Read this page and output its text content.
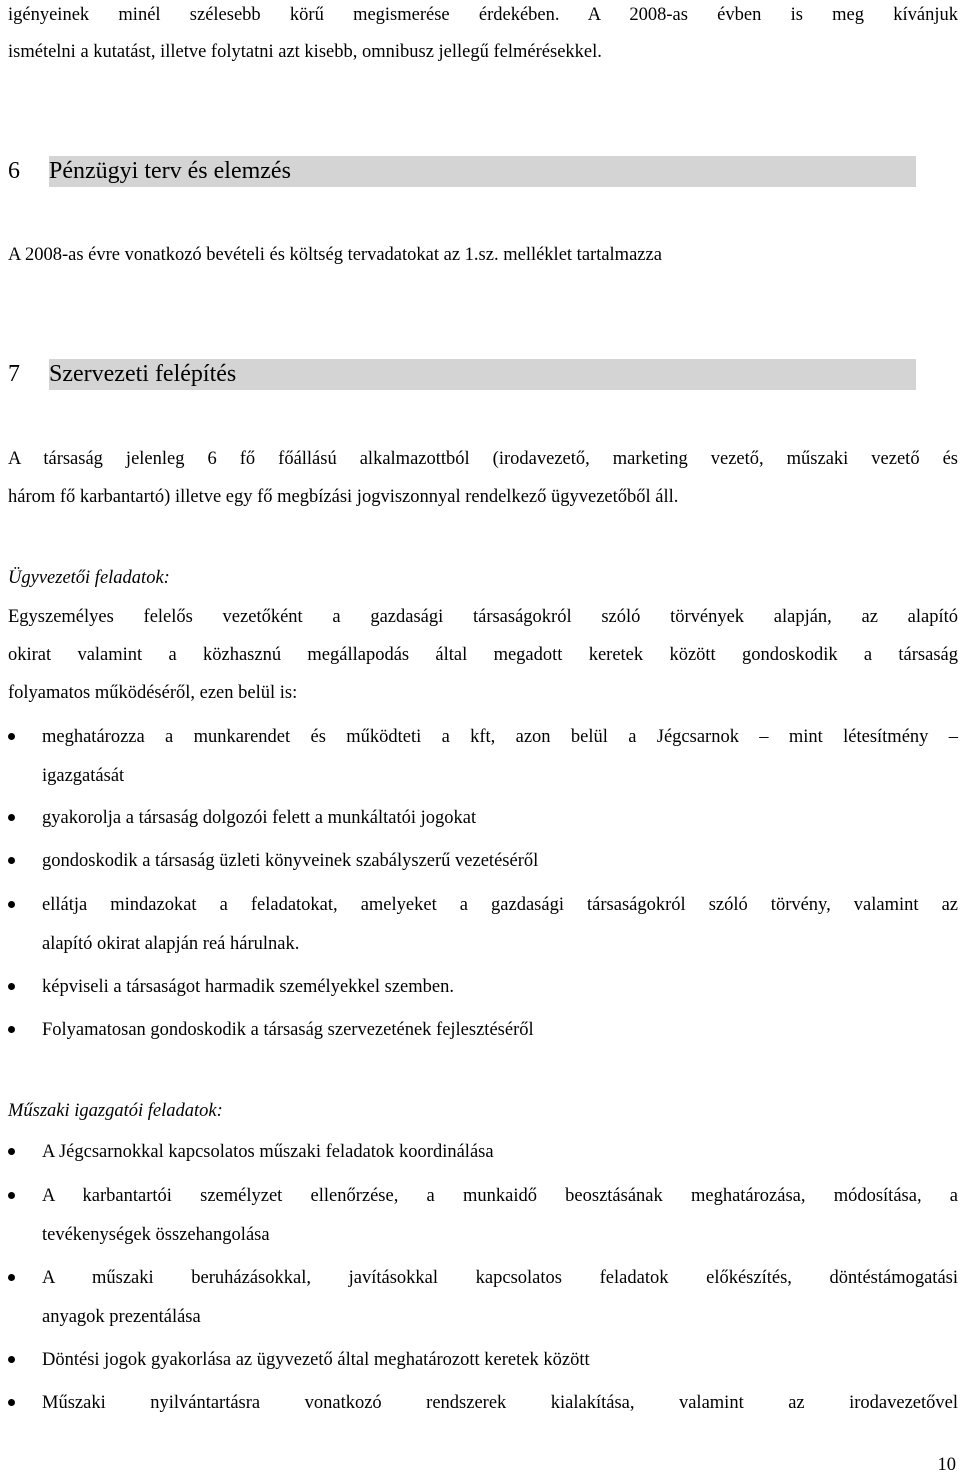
igényeinek minél szélesebb körű megismerése érdekében. A 2008-as évben is meg kívánjuk
ismételni a kutatást, illetve folytatni azt kisebb, omnibusz jellegű felmérésekkel.
6	Pénzügyi terv és elemzés
A 2008-as évre vonatkozó bevételi és költség tervadatokat az 1.sz. melléklet tartalmazza
7	Szervezeti felépítés
A társaság jelenleg 6 fő főállású alkalmazottból (irodavezető, marketing vezető, műszaki vezető és
három fő karbantartó) illetve egy fő megbízási jogviszonnyal rendelkező ügyvezetőből áll.
Ügyvezetői feladatok:
Egyszemélyes felelős vezetőként a gazdasági társaságokról szóló törvények alapján, az alapító
okirat valamint a közhasznú megállapodás által megadott keretek között gondoskodik a társaság
folyamatos működéséről, ezen belül is:
meghatározza a munkarendet és működteti a kft, azon belül a Jégcsarnok – mint létesítmény –
igazgatását
gyakorolja a társaság dolgozói felett a munkáltatói jogokat
gondoskodik a társaság üzleti könyveinek szabályszerű vezetéséről
ellátja mindazokat a feladatokat, amelyeket a gazdasági társaságokról szóló törvény, valamint az
alapító okirat alapján reá hárulnak.
képviseli a társaságot harmadik személyekkel szemben.
Folyamatosan gondoskodik a társaság szervezetének fejlesztéséről
Műszaki igazgatói feladatok:
A Jégcsarnokkal kapcsolatos műszaki feladatok koordinálása
A karbantartói személyzet ellenőrzése, a munkaidő beosztásának meghatározása, módosítása, a
tevékenységek összehangolása
A műszaki beruházásokkal, javításokkal kapcsolatos feladatok előkészítés, döntéstámogatási
anyagok prezentálása
Döntési jogok gyakorlása az ügyvezető által meghatározott keretek között
Műszaki nyilvántartásra vonatkozó rendszerek kialakítása, valamint az irodavezetővel
10
